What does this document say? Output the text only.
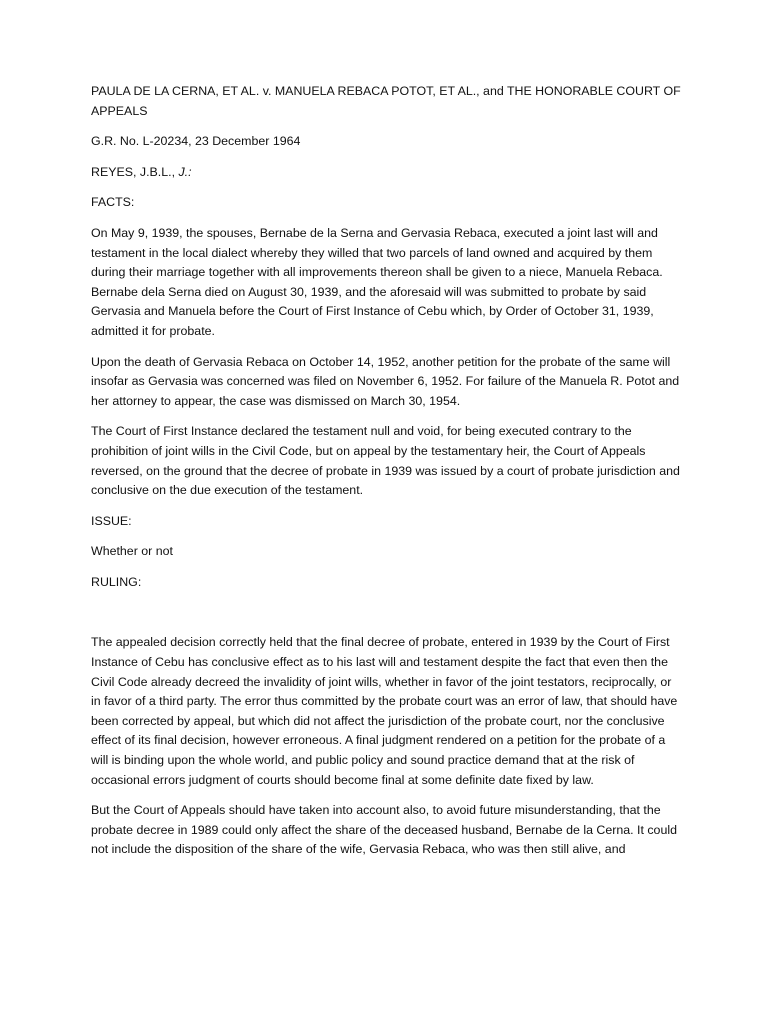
PAULA DE LA CERNA, ET AL. v. MANUELA REBACA POTOT, ET AL., and THE HONORABLE COURT OF APPEALS

G.R. No. L-20234, 23 December 1964

REYES, J.B.L., J.:

FACTS:

On May 9, 1939, the spouses, Bernabe de la Serna and Gervasia Rebaca, executed a joint last will and testament in the local dialect whereby they willed that two parcels of land owned and acquired by them during their marriage together with all improvements thereon shall be given to a niece, Manuela Rebaca. Bernabe dela Serna died on August 30, 1939, and the aforesaid will was submitted to probate by said Gervasia and Manuela before the Court of First Instance of Cebu which, by Order of October 31, 1939, admitted it for probate.

Upon the death of Gervasia Rebaca on October 14, 1952, another petition for the probate of the same will insofar as Gervasia was concerned was filed on November 6, 1952. For failure of the Manuela R. Potot and her attorney to appear, the case was dismissed on March 30, 1954.

The Court of First Instance declared the testament null and void, for being executed contrary to the prohibition of joint wills in the Civil Code, but on appeal by the testamentary heir, the Court of Appeals reversed, on the ground that the decree of probate in 1939 was issued by a court of probate jurisdiction and conclusive on the due execution of the testament.

ISSUE:

Whether or not

RULING:

The appealed decision correctly held that the final decree of probate, entered in 1939 by the Court of First Instance of Cebu has conclusive effect as to his last will and testament despite the fact that even then the Civil Code already decreed the invalidity of joint wills, whether in favor of the joint testators, reciprocally, or in favor of a third party. The error thus committed by the probate court was an error of law, that should have been corrected by appeal, but which did not affect the jurisdiction of the probate court, nor the conclusive effect of its final decision, however erroneous. A final judgment rendered on a petition for the probate of a will is binding upon the whole world, and public policy and sound practice demand that at the risk of occasional errors judgment of courts should become final at some definite date fixed by law.

But the Court of Appeals should have taken into account also, to avoid future misunderstanding, that the probate decree in 1989 could only affect the share of the deceased husband, Bernabe de la Cerna. It could not include the disposition of the share of the wife, Gervasia Rebaca, who was then still alive, and
